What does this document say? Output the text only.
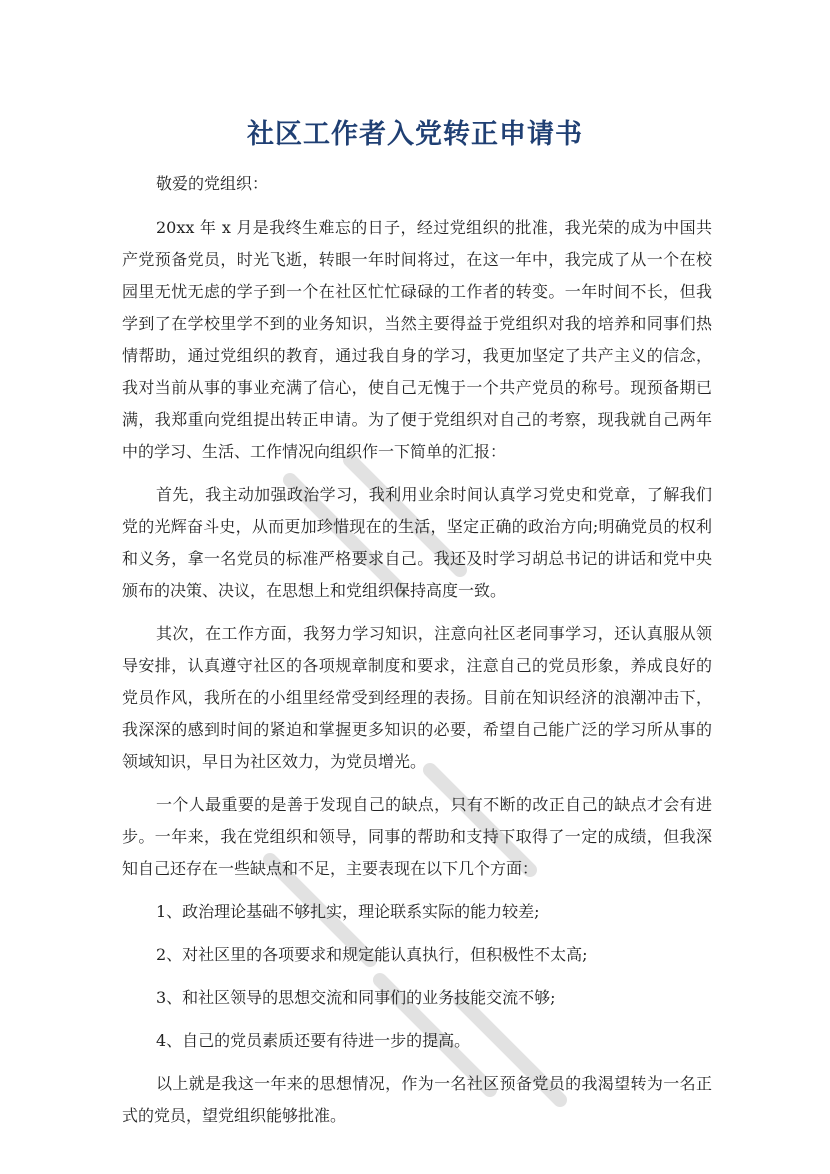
社区工作者入党转正申请书

敬爱的党组织：

20xx 年 x 月是我终生难忘的日子，经过党组织的批准，我光荣的成为中国共产党预备党员，时光飞逝，转眼一年时间将过，在这一年中，我完成了从一个在校园里无忧无虑的学子到一个在社区忙忙碌碌的工作者的转变。一年时间不长，但我学到了在学校里学不到的业务知识，当然主要得益于党组织对我的培养和同事们热情帮助，通过党组织的教育，通过我自身的学习，我更加坚定了共产主义的信念，我对当前从事的事业充满了信心，使自己无愧于一个共产党员的称号。现预备期已满，我郑重向党组提出转正申请。为了便于党组织对自己的考察，现我就自己两年中的学习、生活、工作情况向组织作一下简单的汇报：

首先，我主动加强政治学习，我利用业余时间认真学习党史和党章，了解我们党的光辉奋斗史，从而更加珍惜现在的生活，坚定正确的政治方向;明确党员的权利和义务，拿一名党员的标准严格要求自己。我还及时学习胡总书记的讲话和党中央颁布的决策、决议，在思想上和党组织保持高度一致。

其次，在工作方面，我努力学习知识，注意向社区老同事学习，还认真服从领导安排，认真遵守社区的各项规章制度和要求，注意自己的党员形象，养成良好的党员作风，我所在的小组里经常受到经理的表扬。目前在知识经济的浪潮冲击下，我深深的感到时间的紧迫和掌握更多知识的必要，希望自己能广泛的学习所从事的领域知识，早日为社区效力，为党员增光。

一个人最重要的是善于发现自己的缺点，只有不断的改正自己的缺点才会有进步。一年来，我在党组织和领导，同事的帮助和支持下取得了一定的成绩，但我深知自己还存在一些缺点和不足，主要表现在以下几个方面：

1、政治理论基础不够扎实，理论联系实际的能力较差;

2、对社区里的各项要求和规定能认真执行，但积极性不太高;

3、和社区领导的思想交流和同事们的业务技能交流不够;

4、自己的党员素质还要有待进一步的提高。

以上就是我这一年来的思想情况，作为一名社区预备党员的我渴望转为一名正式的党员，望党组织能够批准。
